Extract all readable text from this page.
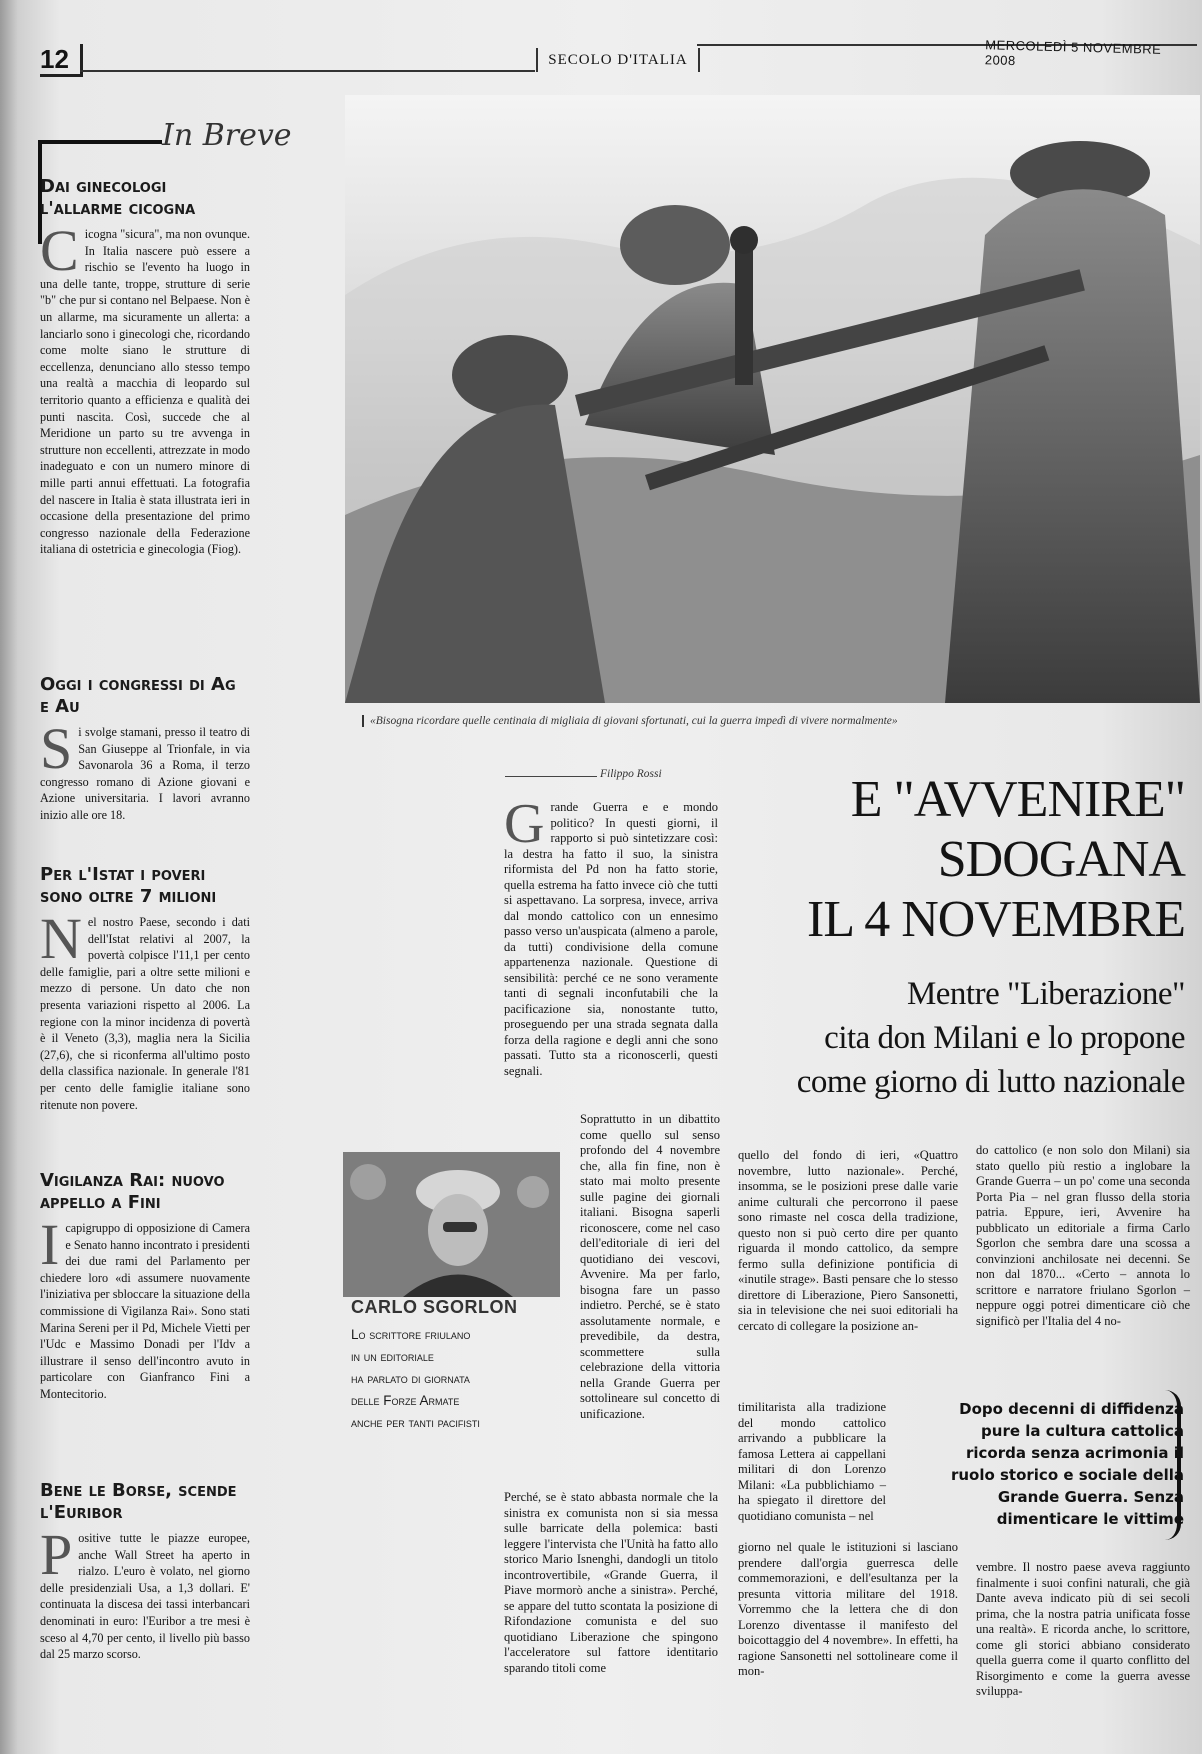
12	SECOLO D'ITALIA
MERCOLEDÌ 5 NOVEMBRE 2008
In Breve
Dai ginecologi l'allarme cicogna
C icogna "sicura", ma non ovunque. In Italia nascere può essere a rischio se l'evento ha luogo in una delle tante, troppe, strutture di serie "b" che pur si contano nel Belpaese. Non è un allarme, ma sicuramente un allerta: a lanciarlo sono i ginecologi che, ricordando come molte siano le strutture di eccellenza, denunciano allo stesso tempo una realtà a macchia di leopardo sul territorio quanto a efficienza e qualità dei punti nascita. Così, succede che al Meridione un parto su tre avvenga in strutture non eccellenti, attrezzate in modo inadeguato e con un numero minore di mille parti annui effettuati. La fotografia del nascere in Italia è stata illustrata ieri in occasione della presentazione del primo congresso nazionale della Federazione italiana di ostetricia e ginecologia (Fiog).
Oggi i congressi di Ag e Au
S i svolge stamani, presso il teatro di San Giuseppe al Trionfale, in via Savonarola 36 a Roma, il terzo congresso romano di Azione giovani e Azione universitaria. I lavori avranno inizio alle ore 18.
Per l'Istat i poveri sono oltre 7 milioni
N el nostro Paese, secondo i dati dell'Istat relativi al 2007, la povertà colpisce l'11,1 per cento delle famiglie, pari a oltre sette milioni e mezzo di persone. Un dato che non presenta variazioni rispetto al 2006. La regione con la minor incidenza di povertà è il Veneto (3,3), maglia nera la Sicilia (27,6), che si riconferma all'ultimo posto della classifica nazionale. In generale l'81 per cento delle famiglie italiane sono ritenute non povere.
Vigilanza Rai: nuovo appello a Fini
I capigruppo di opposizione di Camera e Senato hanno incontrato i presidenti dei due rami del Parlamento per chiedere loro «di assumere nuovamente l'iniziativa per sbloccare la situazione della commissione di Vigilanza Rai». Sono stati Marina Sereni per il Pd, Michele Vietti per l'Udc e Massimo Donadi per l'Idv a illustrare il senso dell'incontro avuto in particolare con Gianfranco Fini a Montecitorio.
Bene le Borse, scende l'Euribor
P ositive tutte le piazze europee, anche Wall Street ha aperto in rialzo. L'euro è volato, nel giorno delle presidenziali Usa, a 1,3 dollari. E' continuata la discesa dei tassi interbancari denominati in euro: l'Euribor a tre mesi è sceso al 4,70 per cento, il livello più basso dal 25 marzo scorso.
«Bisogna ricordare quelle centinaia di migliaia di giovani sfortunati, cui la guerra impedì di vivere normalmente»
Filippo Rossi	E "AVVENIRE"
SDOGANA
IL 4 NOVEMBRE
Mentre "Liberazione"
cita don Milani e lo propone
come giorno di lutto nazionale
G rande Guerra e e mondo politico? In questi giorni, il rapporto si può sintetizzare così: la destra ha fatto il suo, la sinistra riformista del Pd non ha fatto storie, quella estrema ha fatto invece ciò che tutti si aspettavano. La sorpresa, invece, arriva dal mondo cattolico con un ennesimo passo verso un'auspicata (almeno a parole, da tutti) condivisione della comune appartenenza nazionale. Questione di sensibilità: perché ce ne sono veramente tanti di segnali inconfutabili che la pacificazione sia, nonostante tutto, proseguendo per una strada segnata dalla forza della ragione e degli anni che sono passati. Tutto sta a riconoscerli, questi segnali.
Soprattutto in un dibattito come quello sul senso profondo del 4 novembre che, alla fin fine, non è stato mai molto presente sulle pagine dei giornali italiani. Bisogna saperli riconoscere, come nel caso dell'editoriale di ieri del quotidiano dei vescovi, Avvenire. Ma per farlo, bisogna fare un passo indietro. Perché, se è stato assolutamente normale, e prevedibile, da destra, scommettere sulla celebrazione della vittoria nella Grande Guerra per sottolineare sul concetto di unificazione.
Perché, se è stato abbasta normale che la sinistra ex comunista non si sia messa sulle barricate della polemica: basti leggere l'intervista che l'Unità ha fatto allo storico Mario Isnenghi, dandogli un titolo incontrovertibile, «Grande Guerra, il Piave mormorò anche a sinistra». Perché, se appare del tutto scontata la posizione di Rifondazione comunista e del suo quotidiano Liberazione che spingono l'acceleratore sul fattore identitario sparando titoli come
quello del fondo di ieri, «Quattro novembre, lutto nazionale». Perché, insomma, se le posizioni prese dalle varie anime culturali che percorrono il paese sono rimaste nel cosca della tradizione, questo non si può certo dire per quanto riguarda il mondo cattolico, da sempre fermo sulla definizione pontificia di «inutile strage». Basti pensare che lo stesso direttore di Liberazione, Piero Sansonetti, sia in televisione che nei suoi editoriali ha cercato di collegare la posizione an-
timilitarista alla tradizione del mondo cattolico arrivando a pubblicare la famosa Lettera ai cappellani militari di don Lorenzo Milani: «La pubblichiamo – ha spiegato il direttore del quotidiano comunista – nel
giorno nel quale le istituzioni si lasciano prendere dall'orgia guerresca delle commemorazioni, e dell'esultanza per la presunta vittoria militare del 1918. Vorremmo che la lettera che di don Lorenzo diventasse il manifesto del boicottaggio del 4 novembre». In effetti, ha ragione Sansonetti nel sottolineare come il mon-
do cattolico (e non solo don Milani) sia stato quello più restio a inglobare la Grande Guerra – un po' come una seconda Porta Pia – nel gran flusso della storia patria. Eppure, ieri, Avvenire ha pubblicato un editoriale a firma Carlo Sgorlon che sembra dare una scossa a convinzioni anchilosate nei decenni. Se non dal 1870... «Certo – annota lo scrittore e narratore friulano Sgorlon – neppure oggi potrei dimenticare ciò che significò per l'Italia del 4 no-
vembre. Il nostro paese aveva raggiunto finalmente i suoi confini naturali, che già Dante aveva indicato più di sei secoli prima, che la nostra patria unificata fosse una realtà». E ricorda anche, lo scrittore, come gli storici abbiano considerato quella guerra come il quarto conflitto del Risorgimento e come la guerra avesse sviluppa-
Dopo decenni di diffidenza pure la cultura cattolica ricorda senza acrimonia il ruolo storico e sociale della Grande Guerra. Senza dimenticare le vittime
CARLO SGORLON
Lo scrittore friulano
in un editoriale
ha parlato di giornata
delle Forze Armate
anche per tanti pacifisti
